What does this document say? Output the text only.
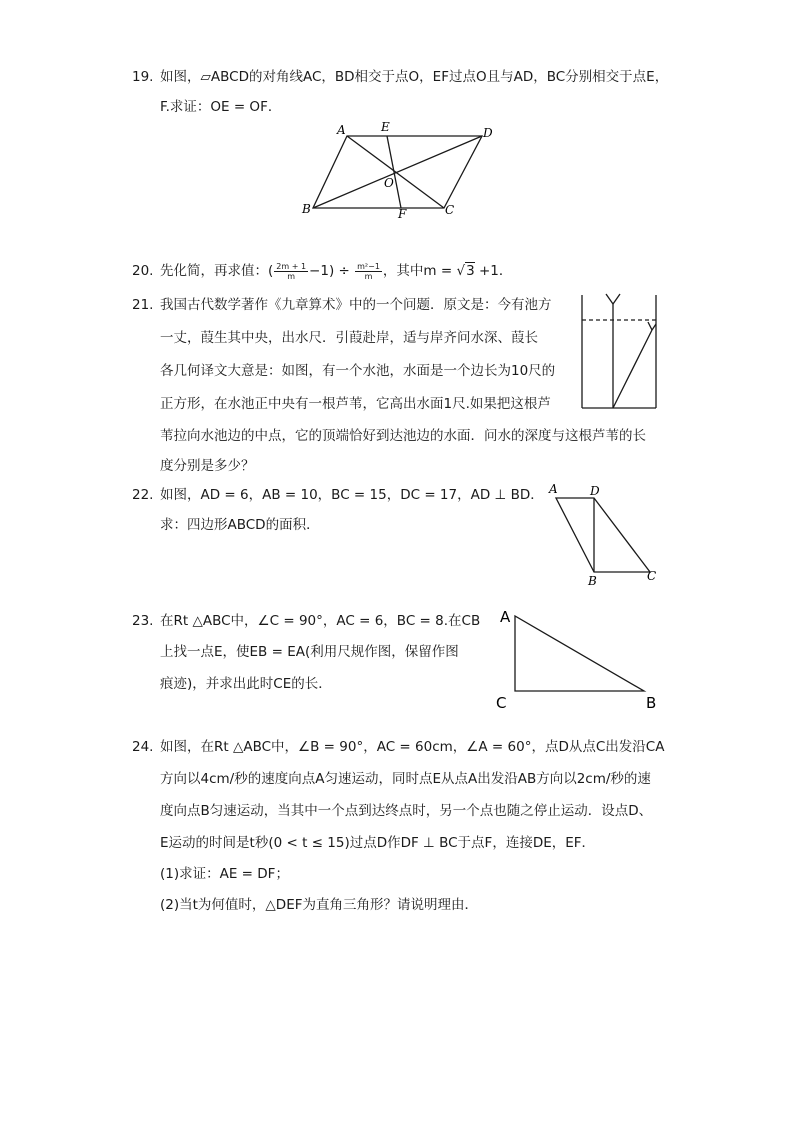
19. 如图，▱ABCD的对角线AC，BD相交于点O，EF过点O且与AD，BC分别相交于点E，
F.求证：OE = OF．
A	E	D
O
B	F	C
20. 先化简，再求值：( $\frac{2m + 1}{m} -1) \div \frac{\text{m²−1}}{m}$ ，其中m = √3 +1．
21. 我国古代数学著作《九章算术》中的一个问题．原文是：今有池方
一丈，葭生其中央，出水尺．引葭赴岸，适与岸齐问水深、葭长
各几何译文大意是：如图，有一个水池，水面是一个边长为10尺的
正方形，在水池正中央有一根芦苇，它高出水面1尺.如果把这根芦
苇拉向水池边的中点，它的顶端恰好到达池边的水面．问水的深度与这根芦苇的长
度分别是多少？
22. 如图，AD = 6，AB = 10，BC = 15，DC = 17，AD ⊥ BD．
求：四边形ABCD的面积．
A	D
B	C
23. 在Rt △ABC中，∠C = 90°，AC = 6，BC = 8.在CB
上找一点E，使EB = EA(利用尺规作图，保留作图
痕迹)，并求出此时CE的长．
A
C	B
24. 如图，在Rt △ABC中，∠B = 90°，AC = 60cm，∠A = 60°，点D从点C出发沿CA
方向以4cm/秒的速度向点A匀速运动，同时点E从点A出发沿AB方向以2cm/秒的速
度向点B匀速运动，当其中一个点到达终点时，另一个点也随之停止运动．设点D、
E运动的时间是t秒(0 < t ≤ 15)过点D作DF ⊥ BC于点F，连接DE，EF．
(1)求证：AE = DF；
(2)当t为何值时，△DEF为直角三角形？请说明理由．
